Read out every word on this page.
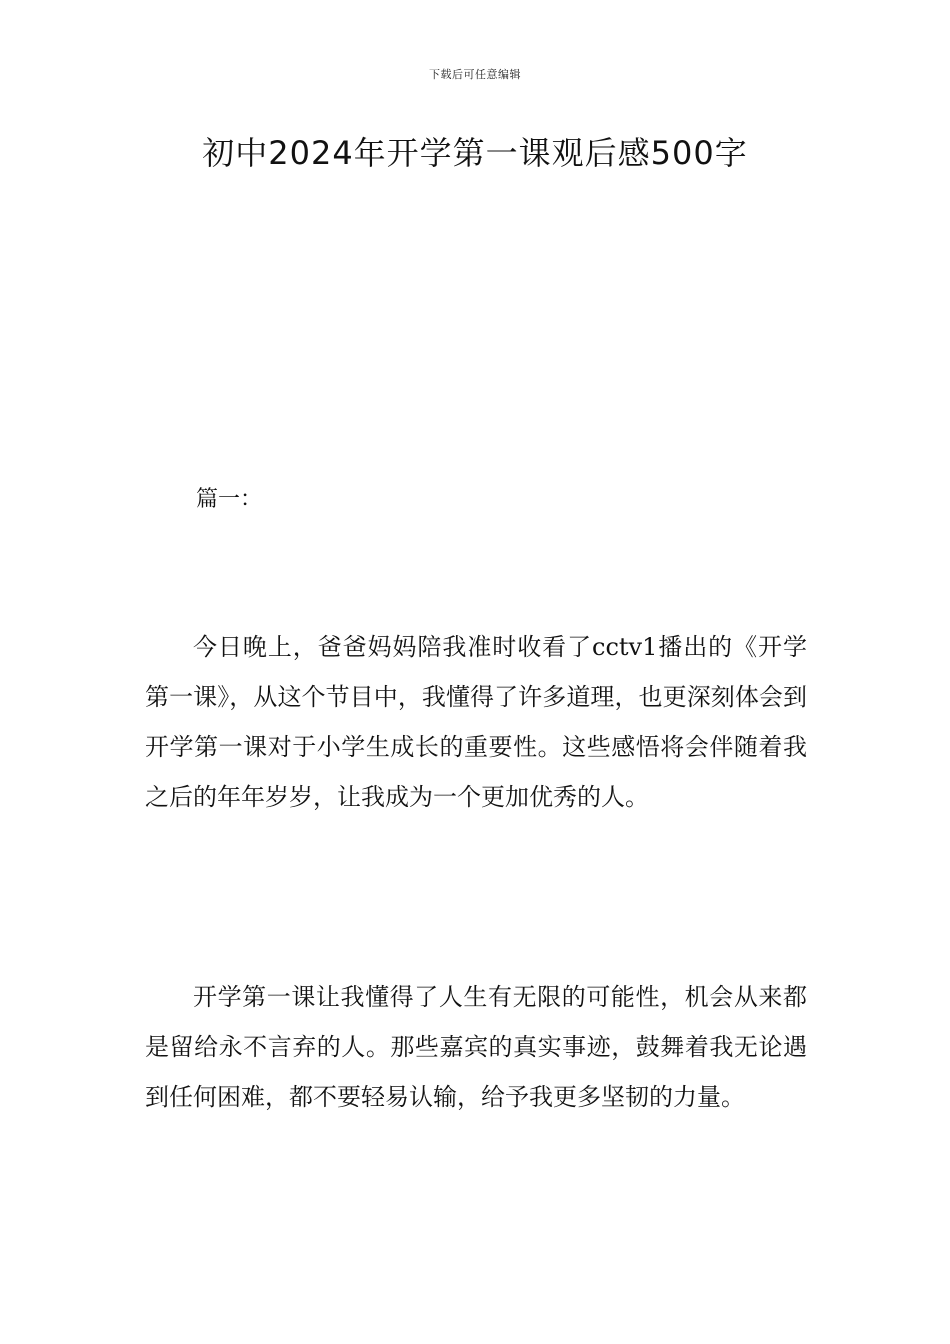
下载后可任意编辑
初中2024年开学第一课观后感500字

篇一：

今日晚上，爸爸妈妈陪我准时收看了cctv1播出的《开学第一课》，从这个节目中，我懂得了许多道理，也更深刻体会到开学第一课对于小学生成长的重要性。这些感悟将会伴随着我之后的年年岁岁，让我成为一个更加优秀的人。

开学第一课让我懂得了人生有无限的可能性，机会从来都是留给永不言弃的人。那些嘉宾的真实事迹，鼓舞着我无论遇到任何困难，都不要轻易认输，给予我更多坚韧的力量。
